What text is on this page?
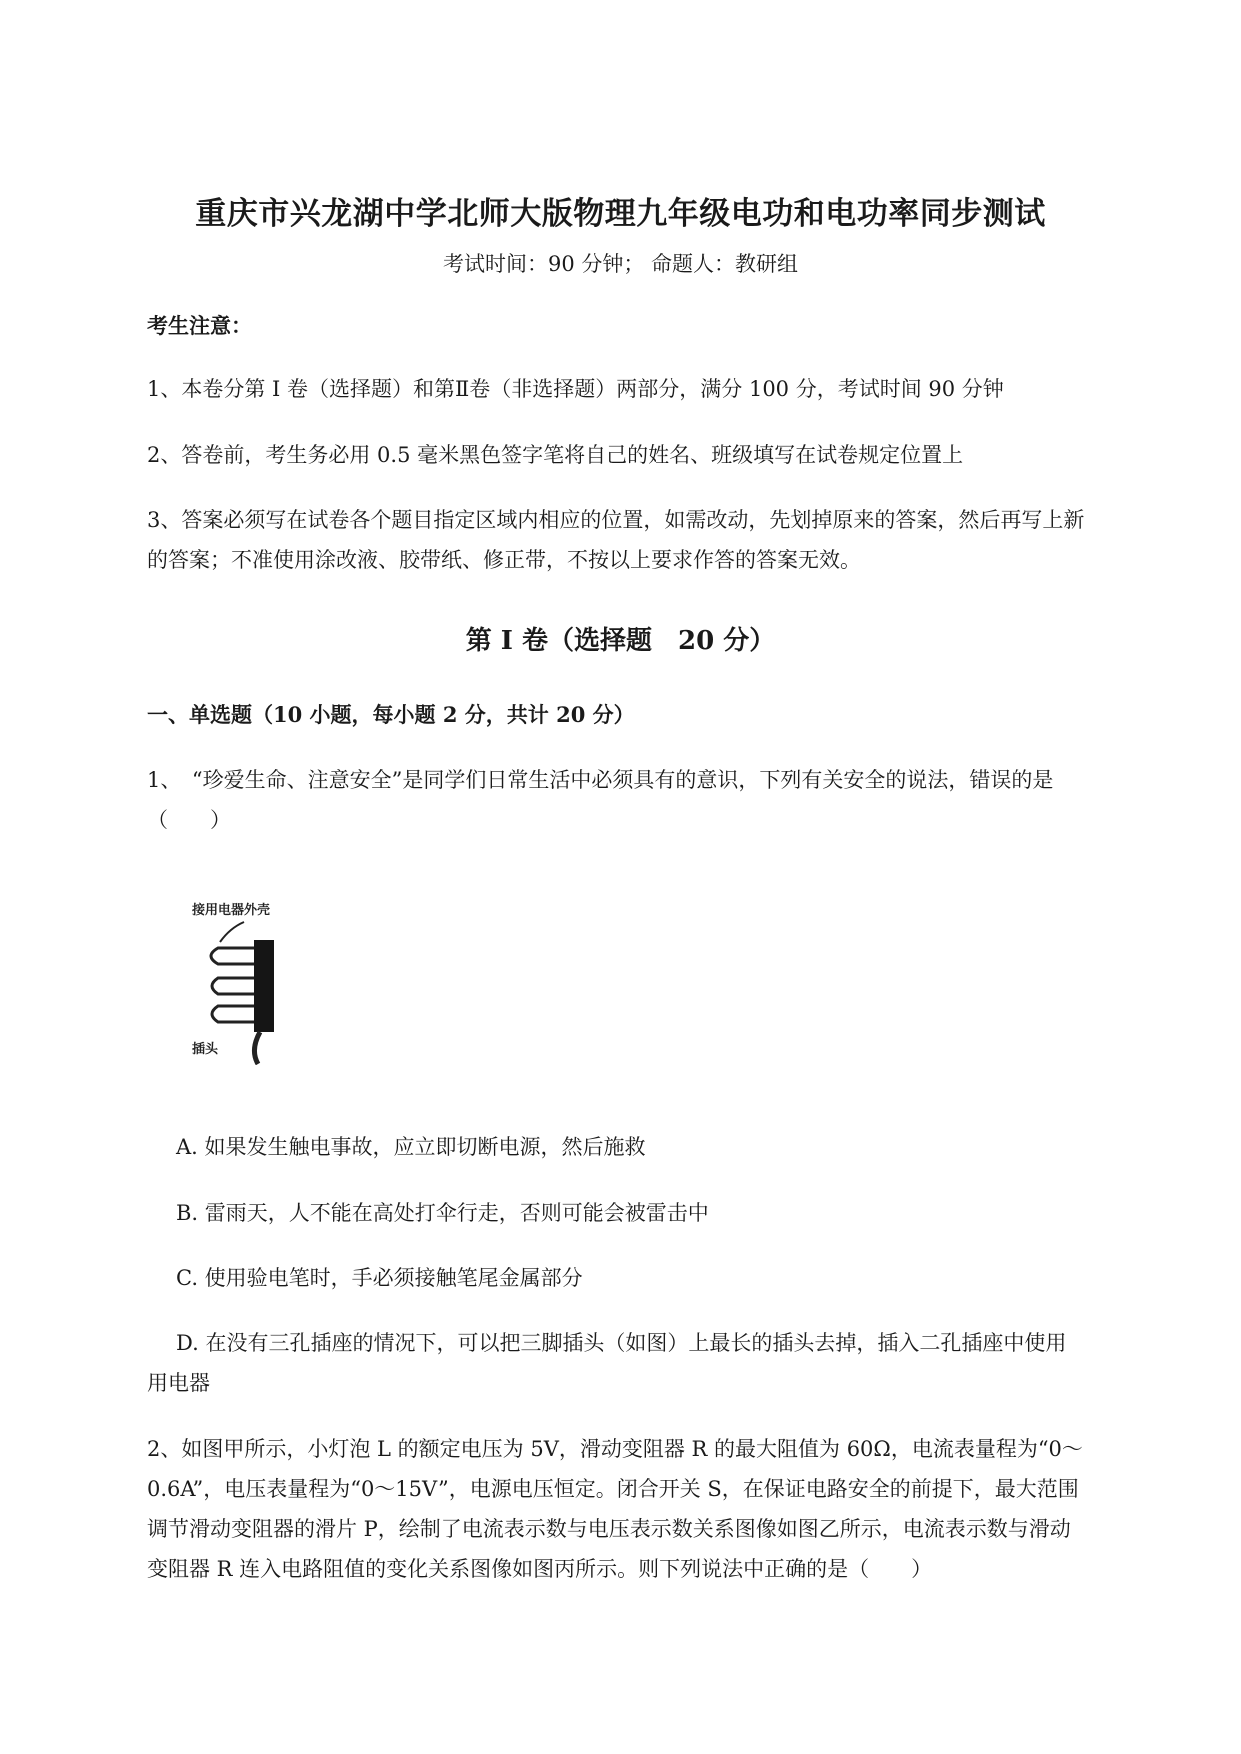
重庆市兴龙湖中学北师大版物理九年级电功和电功率同步测试
考试时间：90 分钟； 命题人：教研组
考生注意：
1、本卷分第 I 卷（选择题）和第Ⅱ卷（非选择题）两部分，满分 100 分，考试时间 90 分钟
2、答卷前，考生务必用 0.5 毫米黑色签字笔将自己的姓名、班级填写在试卷规定位置上
3、答案必须写在试卷各个题目指定区域内相应的位置，如需改动，先划掉原来的答案，然后再写上新
的答案；不准使用涂改液、胶带纸、修正带，不按以上要求作答的答案无效。
第 I 卷（选择题　20 分）
一、单选题（10 小题，每小题 2 分，共计 20 分）
1、　“珍爱生命、注意安全”是同学们日常生活中必须具有的意识，下列有关安全的说法，错误的是
（　　）
接用电器外壳
插头
A. 如果发生触电事故，应立即切断电源，然后施救
B. 雷雨天，人不能在高处打伞行走，否则可能会被雷击中
C. 使用验电笔时，手必须接触笔尾金属部分
D. 在没有三孔插座的情况下，可以把三脚插头（如图）上最长的插头去掉，插入二孔插座中使用
用电器
2、如图甲所示，小灯泡 L 的额定电压为 5V，滑动变阻器 R 的最大阻值为 60Ω，电流表量程为“0～
0.6A”，电压表量程为“0～15V”，电源电压恒定。闭合开关 S，在保证电路安全的前提下，最大范围
调节滑动变阻器的滑片 P，绘制了电流表示数与电压表示数关系图像如图乙所示，电流表示数与滑动
变阻器 R 连入电路阻值的变化关系图像如图丙所示。则下列说法中正确的是（　　）
